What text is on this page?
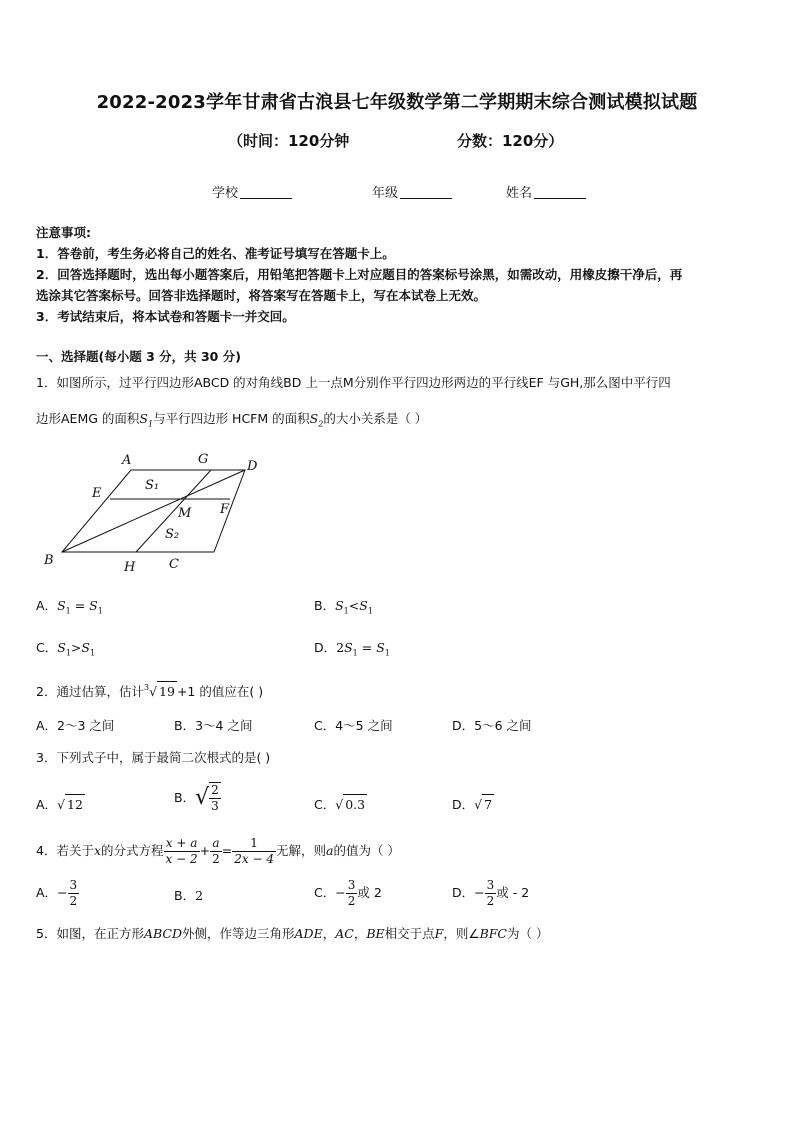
2022-2023学年甘肃省古浪县七年级数学第二学期期末综合测试模拟试题
（时间：120分钟	分数：120分）
学校	年级	姓名
注意事项:
1．答卷前，考生务必将自己的姓名、准考证号填写在答题卡上。
2．回答选择题时，选出每小题答案后，用铅笔把答题卡上对应题目的答案标号涂黑，如需改动，用橡皮擦干净后，再
选涂其它答案标号。回答非选择题时，将答案写在答题卡上，写在本试卷上无效。
3．考试结束后，将本试卷和答题卡一并交回。
一、选择题(每小题 3 分，共 30 分)
1．如图所示，过平行四边形ABCD 的对角线BD 上一点M分别作平行四边形两边的平行线EF 与GH,那么图中平行四
边形AEMG 的面积$S_1$与平行四边形 HCFM 的面积$S_2$的大小关系是（ ）
A	G	D
E
S₁
M F
S₂
B	H	C
A．$S_1 = S_1$	B．$S_1<S_1$
C．$S_1>S_1$	D．$2S_1 = S_1$
2．通过估算，估计$^3$√ 19 +1 的值应在( )
A．2～3 之间	B．3～4 之间	C．4～5 之间	D．5～6 之间
3．下列式子中，属于最简二次根式的是( )
A．√ 12	B．√ $\frac{2}{3}$	C．√ 0.3	D．√ 7
4．若关于x的分式方程 $\frac{x + a}{x - 2} + \frac{a}{2} = \frac{1}{2x - 4}$ 无解，则a的值为（ ）
A．− $\frac{3}{2}$	B．2	C．− $\frac{3}{2}$ 或 2	D．− $\frac{3}{2}$ 或 - 2
5．如图，在正方形ABCD外侧，作等边三角形ADE，AC，BE相交于点F，则∠BFC为（ ）
